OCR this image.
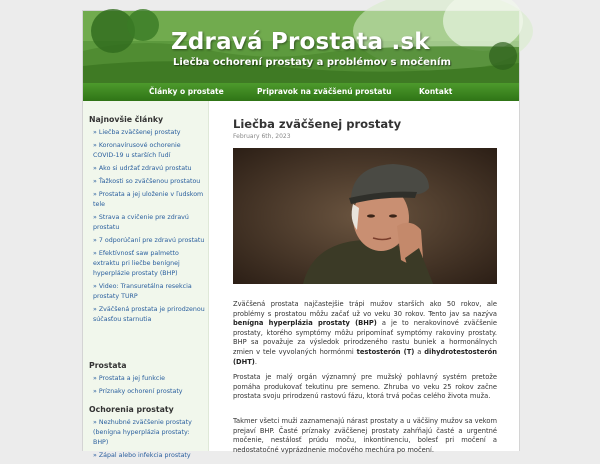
Zdravá Prostata .sk
Liečba ochorení prostaty a problémov s močením
Články o prostate	Pripravok na zväčšenú prostatu	Kontakt
Najnovšie články
» Liečba zväčšenej prostaty
» Koronavírusové ochorenie COVID-19 u starších ľudí
» Ako si udržať zdravú prostatu
» Ťažkosti so zväčšenou prostatou
» Prostata a jej uloženie v ľudskom tele
» Strava a cvičenie pre zdravú prostatu
» 7 odporúčaní pre zdravú prostatu
» Efektívnosť saw palmetto extraktu pri liečbe benígnej hyperplázie prostaty (BHP)
» Video: Transuretálna resekcia prostaty TURP
» Zväčšená prostata je prirodzenou súčasťou starnutia
Prostata
» Prostata a jej funkcie
» Príznaky ochorení prostaty
Ochorenia prostaty
» Nezhubné zväčšenie prostaty (benígna hyperplázia prostaty: BHP)
» Zápal alebo infekcia prostaty
Liečba zväčšenej prostaty
February 6th, 2023

Zväčšená prostata najčastejšie trápi mužov starších ako 50 rokov, ale problémy s prostatou môžu začať už vo veku 30 rokov. Tento jav sa nazýva benígna hyperplázia prostaty (BHP) a je to nerakovinové zväčšenie prostaty, ktorého symptómy môžu pripomínať symptómy rakoviny prostaty. BHP sa považuje za výsledok prirodzeného rastu buniek a hormonálnych zmien v tele vyvolaných hormónmi testosterón (T) a dihydrotestosterón (DHT).

Prostata je malý orgán významný pre mužský pohlavný systém pretože pomáha produkovať tekutinu pre semeno. Zhruba vo veku 25 rokov začne prostata svoju prirodzenú rastovú fázu, ktorá trvá počas celého života muža.

Takmer všetci muži zaznamenajú nárast prostaty a u väčšiny mužov sa vekom prejaví BHP. Časté príznaky zväčšenej prostaty zahŕňajú časté a urgentné močenie, nestálosť prúdu moču, inkontinenciu, bolesť pri močení a nedostatočné vyprázdnenie močového mechúra po močení.
